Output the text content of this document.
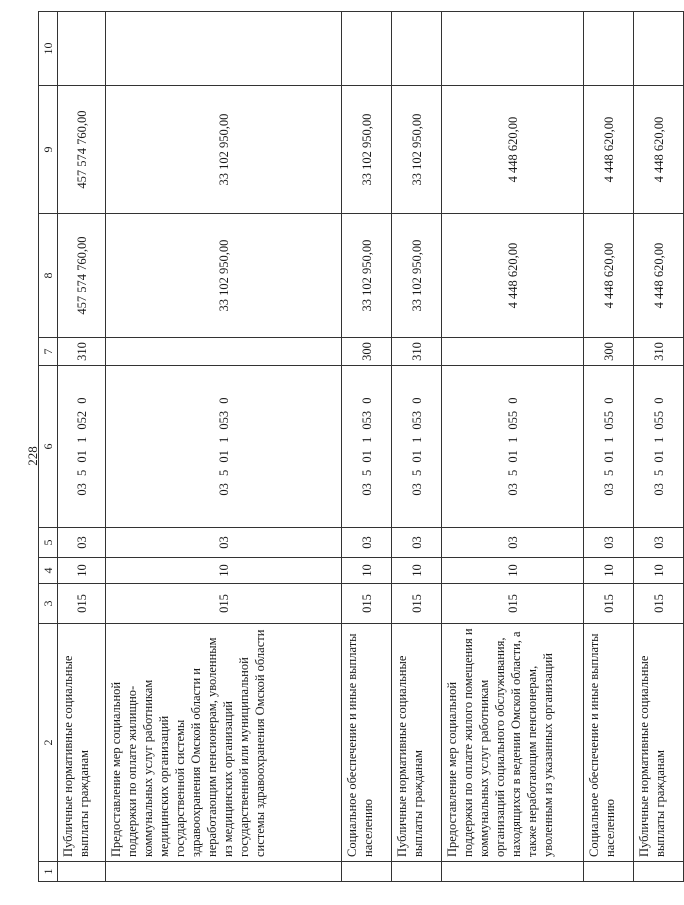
228
1	2	3	4	5	6	7	8	9	10
	Публичные нормативные социальные выплаты гражданам	015	10	03	03 5 01 1 052 0	310	457 574 760,00	457 574 760,00	
	Предоставление мер социальной поддержки по оплате жилищно-коммунальных услуг работникам медицинских организаций государственной системы здравоохранения Омской области и неработающим пенсионерам, уволенным из медицинских организаций государственной или муниципальной системы здравоохранения Омской области	015	10	03	03 5 01 1 053 0		33 102 950,00	33 102 950,00	
	Социальное обеспечение и иные выплаты населению	015	10	03	03 5 01 1 053 0	300	33 102 950,00	33 102 950,00	
	Публичные нормативные социальные выплаты гражданам	015	10	03	03 5 01 1 053 0	310	33 102 950,00	33 102 950,00	
	Предоставление мер социальной поддержки по оплате жилого помещения и коммунальных услуг работникам организаций социального обслуживания, находящихся в ведении Омской области, а также неработающим пенсионерам, уволенным из указанных организаций	015	10	03	03 5 01 1 055 0		4 448 620,00	4 448 620,00	
	Социальное обеспечение и иные выплаты населению	015	10	03	03 5 01 1 055 0	300	4 448 620,00	4 448 620,00	
	Публичные нормативные социальные выплаты гражданам	015	10	03	03 5 01 1 055 0	310	4 448 620,00	4 448 620,00	
